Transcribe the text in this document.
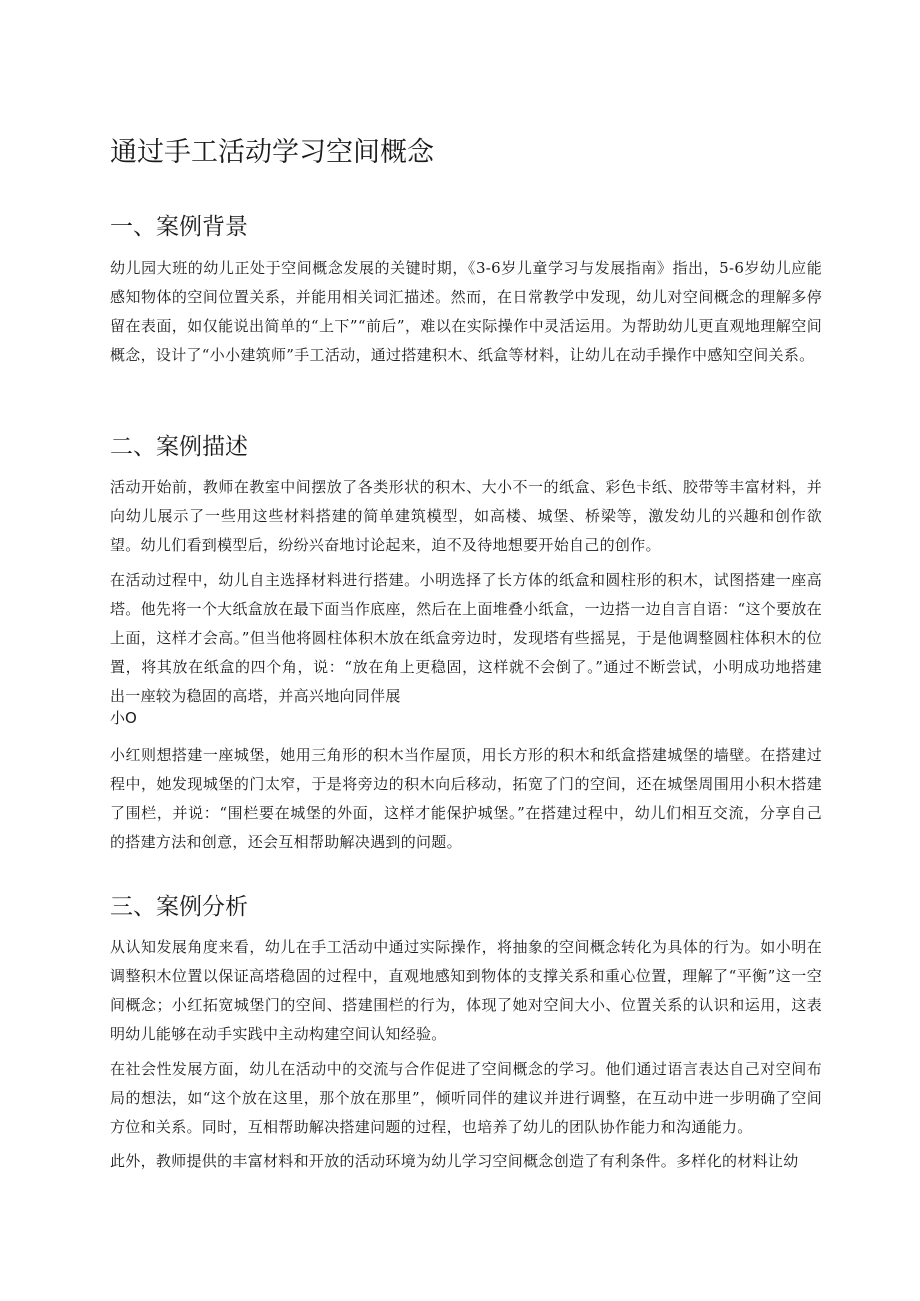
通过手工活动学习空间概念
一、案例背景

幼儿园大班的幼儿正处于空间概念发展的关键时期，《3-6岁儿童学习与发展指南》指出，5-6岁幼儿应能感知物体的空间位置关系，并能用相关词汇描述。然而，在日常教学中发现，幼儿对空间概念的理解多停留在表面，如仅能说出简单的“上下”“前后”，难以在实际操作中灵活运用。为帮助幼儿更直观地理解空间概念，设计了“小小建筑师”手工活动，通过搭建积木、纸盒等材料，让幼儿在动手操作中感知空间关系。

二、案例描述

活动开始前，教师在教室中间摆放了各类形状的积木、大小不一的纸盒、彩色卡纸、胶带等丰富材料，并向幼儿展示了一些用这些材料搭建的简单建筑模型，如高楼、城堡、桥梁等，激发幼儿的兴趣和创作欲望。幼儿们看到模型后，纷纷兴奋地讨论起来，迫不及待地想要开始自己的创作。

在活动过程中，幼儿自主选择材料进行搭建。小明选择了长方体的纸盒和圆柱形的积木，试图搭建一座高塔。他先将一个大纸盒放在最下面当作底座，然后在上面堆叠小纸盒，一边搭一边自言自语：“这个要放在上面，这样才会高。”但当他将圆柱体积木放在纸盒旁边时，发现塔有些摇晃，于是他调整圆柱体积木的位置，将其放在纸盒的四个角，说：“放在角上更稳固，这样就不会倒了。”通过不断尝试，小明成功地搭建出一座较为稳固的高塔，并高兴地向同伴展

小O

小红则想搭建一座城堡，她用三角形的积木当作屋顶，用长方形的积木和纸盒搭建城堡的墙壁。在搭建过程中，她发现城堡的门太窄，于是将旁边的积木向后移动，拓宽了门的空间，还在城堡周围用小积木搭建了围栏，并说：“围栏要在城堡的外面，这样才能保护城堡。”在搭建过程中，幼儿们相互交流，分享自己的搭建方法和创意，还会互相帮助解决遇到的问题。

三、案例分析

从认知发展角度来看，幼儿在手工活动中通过实际操作，将抽象的空间概念转化为具体的行为。如小明在调整积木位置以保证高塔稳固的过程中，直观地感知到物体的支撑关系和重心位置，理解了“平衡”这一空间概念；小红拓宽城堡门的空间、搭建围栏的行为，体现了她对空间大小、位置关系的认识和运用，这表明幼儿能够在动手实践中主动构建空间认知经验。

在社会性发展方面，幼儿在活动中的交流与合作促进了空间概念的学习。他们通过语言表达自己对空间布局的想法，如“这个放在这里，那个放在那里”，倾听同伴的建议并进行调整，在互动中进一步明确了空间方位和关系。同时，互相帮助解决搭建问题的过程，也培养了幼儿的团队协作能力和沟通能力。

此外，教师提供的丰富材料和开放的活动环境为幼儿学习空间概念创造了有利条件。多样化的材料让幼
